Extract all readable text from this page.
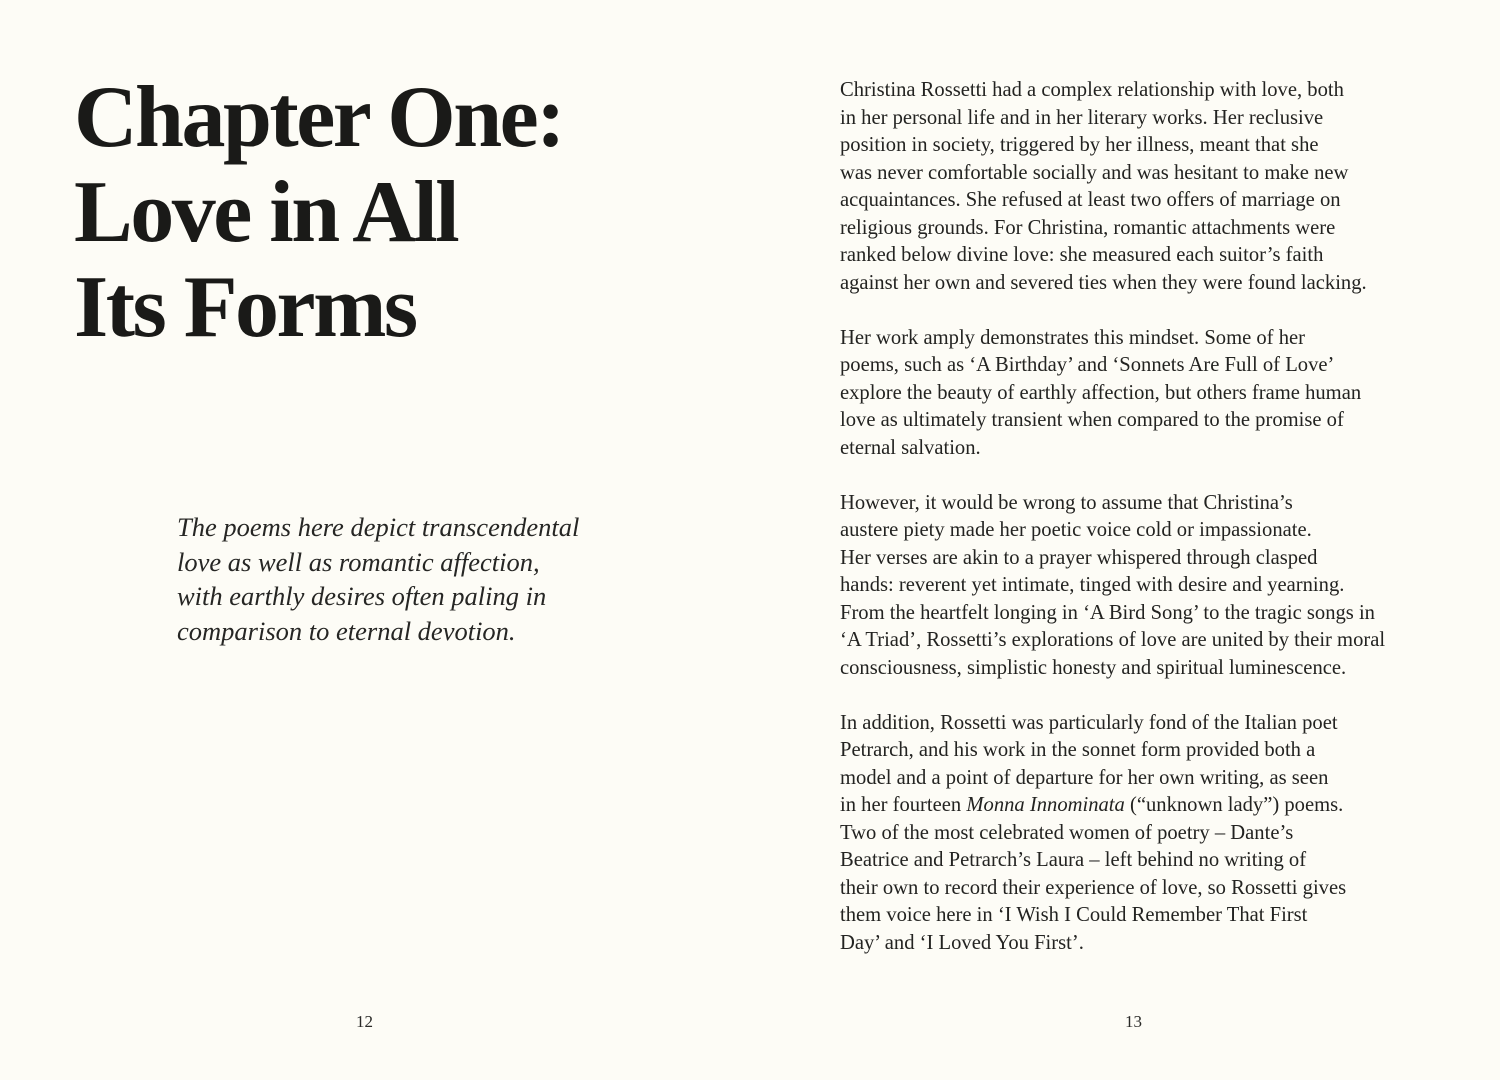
Chapter One:
Love in All
Its Forms

The poems here depict transcendental
love as well as romantic affection,
with earthly desires often paling in
comparison to eternal devotion.

12

Christina Rossetti had a complex relationship with love, both
in her personal life and in her literary works. Her reclusive
position in society, triggered by her illness, meant that she
was never comfortable socially and was hesitant to make new
acquaintances. She refused at least two offers of marriage on
religious grounds. For Christina, romantic attachments were
ranked below divine love: she measured each suitor’s faith
against her own and severed ties when they were found lacking.

Her work amply demonstrates this mindset. Some of her
poems, such as ‘A Birthday’ and ‘Sonnets Are Full of Love’
explore the beauty of earthly affection, but others frame human
love as ultimately transient when compared to the promise of
eternal salvation.

However, it would be wrong to assume that Christina’s
austere piety made her poetic voice cold or impassionate.
Her verses are akin to a prayer whispered through clasped
hands: reverent yet intimate, tinged with desire and yearning.
From the heartfelt longing in ‘A Bird Song’ to the tragic songs in
‘A Triad’, Rossetti’s explorations of love are united by their moral
consciousness, simplistic honesty and spiritual luminescence.

In addition, Rossetti was particularly fond of the Italian poet
Petrarch, and his work in the sonnet form provided both a
model and a point of departure for her own writing, as seen
in her fourteen Monna Innominata (“unknown lady”) poems.
Two of the most celebrated women of poetry – Dante’s
Beatrice and Petrarch’s Laura – left behind no writing of
their own to record their experience of love, so Rossetti gives
them voice here in ‘I Wish I Could Remember That First
Day’ and ‘I Loved You First’.

13
